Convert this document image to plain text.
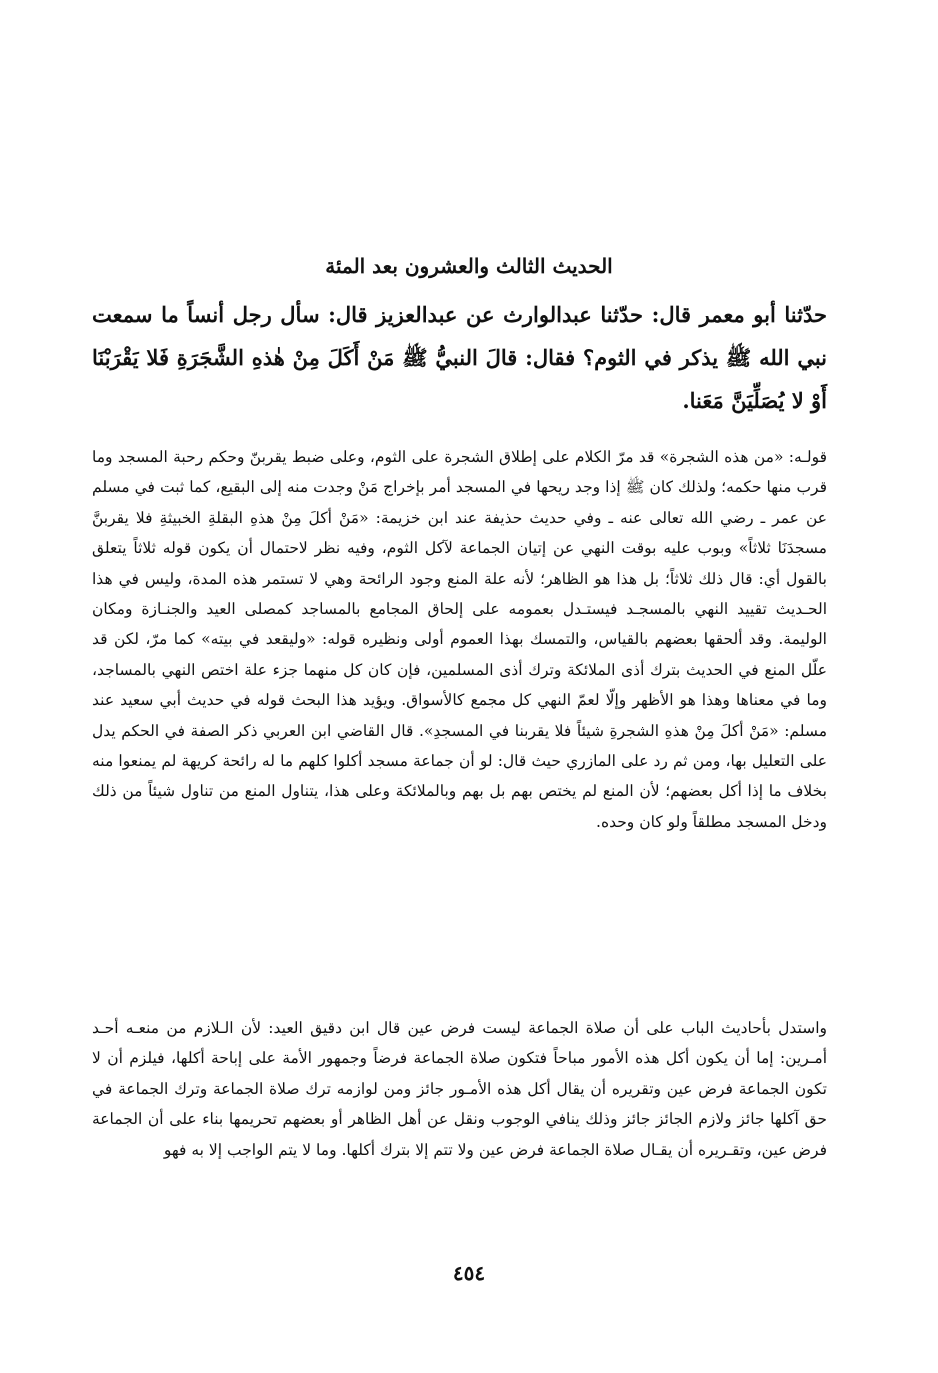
الحديث الثالث والعشرون بعد المئة

حدّثنا أبو معمر قال: حدّثنا عبدالوارث عن عبدالعزيز قال: سأل رجل أنساً ما سمعت نبي الله ﷺ يذكر في الثوم؟ فقال: قالَ النبيُّ ﷺ مَنْ أَكَلَ مِنْ هٰذهِ الشَّجَرَةِ فَلا يَقْرَبْنَا أَوْ لا يُصَلِّيَنَّ مَعَنا.

قولـه: «من هذه الشجرة» قد مرّ الكلام على إطلاق الشجرة على الثوم، وعلى ضبط يقربنّ وحكم رحبة المسجد وما قرب منها حكمه؛ ولذلك كان ﷺ إذا وجد ريحها في المسجد أمر بإخراج مَنْ وجدت منه إلى البقيع، كما ثبت في مسلم عن عمر ـ رضي الله تعالى عنه ـ وفي حديث حذيفة عند ابن خزيمة: «مَنْ أكلَ مِنْ هذهِ البقلةِ الخبيثةِ فلا يقربنَّ مسجدَنَا ثلاثاً» وبوب عليه بوقت النهي عن إتيان الجماعة لآكل الثوم، وفيه نظر لاحتمال أن يكون قوله ثلاثاً يتعلق بالقول أي: قال ذلك ثلاثاً؛ بل هذا هو الظاهر؛ لأنه علة المنع وجود الرائحة وهي لا تستمر هذه المدة، وليس في هذا الحـديث تقييد النهي بالمسجـد فيستـدل بعمومه على إلحاق المجامع بالمساجد كمصلى العيد والجنـازة ومكان الوليمة. وقد ألحقها بعضهم بالقياس، والتمسك بهذا العموم أولى ونظيره قوله: «وليقعد في بيته» كما مرّ، لكن قد علّل المنع في الحديث بترك أذى الملائكة وترك أذى المسلمين، فإن كان كل منهما جزء علة اختص النهي بالمساجد، وما في معناها وهذا هو الأظهر وإلّا لعمّ النهي كل مجمع كالأسواق. ويؤيد هذا البحث قوله في حديث أبي سعيد عند مسلم: «مَنْ أكلَ مِنْ هذهِ الشجرةِ شيئاً فلا يقربنا في المسجدِ». قال القاضي ابن العربي ذكر الصفة في الحكم يدل على التعليل بها، ومن ثم رد على المازري حيث قال: لو أن جماعة مسجد أكلوا كلهم ما له رائحة كريهة لم يمنعوا منه بخلاف ما إذا أكل بعضهم؛ لأن المنع لم يختص بهم بل بهم وبالملائكة وعلى هذا، يتناول المنع من تناول شيئاً من ذلك ودخل المسجد مطلقاً ولو كان وحده.

واستدل بأحاديث الباب على أن صلاة الجماعة ليست فرض عين قال ابن دقيق العيد: لأن الـلازم من منعـه أحـد أمـرين: إما أن يكون أكل هذه الأمور مباحاً فتكون صلاة الجماعة فرضاً وجمهور الأمة على إباحة أكلها، فيلزم أن لا تكون الجماعة فرض عين وتقريره أن يقال أكل هذه الأمـور جائز ومن لوازمه ترك صلاة الجماعة وترك الجماعة في حق آكلها جائز ولازم الجائز جائز وذلك ينافي الوجوب ونقل عن أهل الظاهر أو بعضهم تحريمها بناء على أن الجماعة فرض عين، وتقـريره أن يقـال صلاة الجماعة فرض عين ولا تتم إلا بترك أكلها. وما لا يتم الواجب إلا به فهو

٤٥٤
